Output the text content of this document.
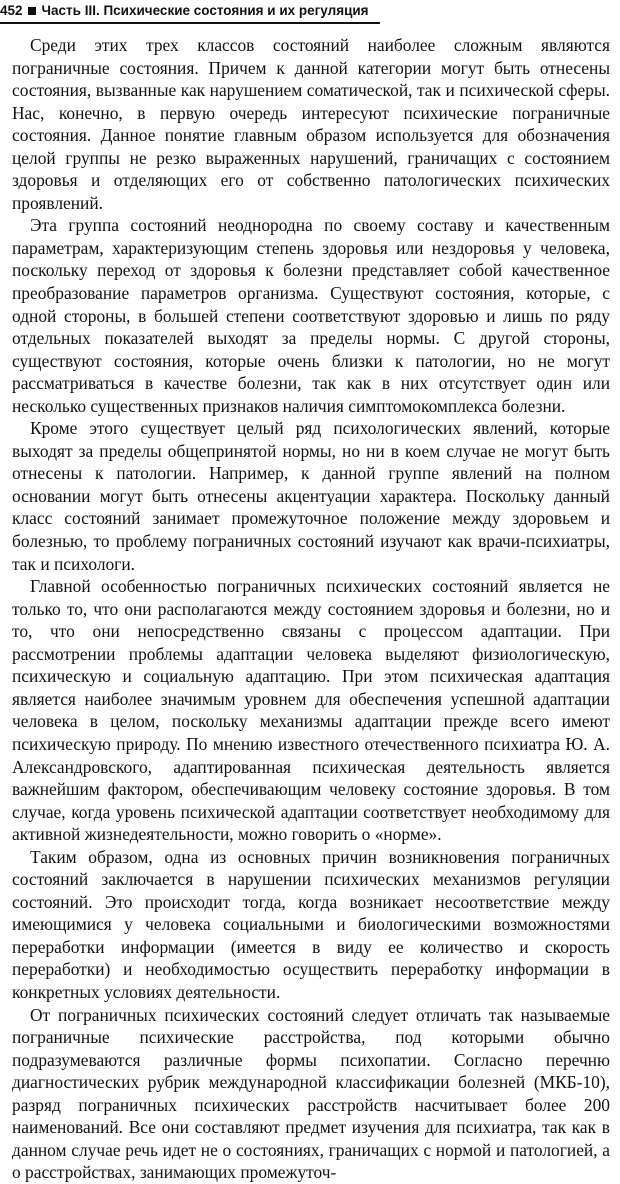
452 Часть III. Психические состояния и их регуляция

Среди этих трех классов состояний наиболее сложным являются пограничные состояния. Причем к данной категории могут быть отнесены состояния, вызванные как нарушением соматической, так и психической сферы. Нас, конечно, в первую очередь интересуют психические пограничные состояния. Данное понятие главным образом используется для обозначения целой группы не резко выраженных нарушений, граничащих с состоянием здоровья и отделяющих его от собственно патологических психических проявлений.

Эта группа состояний неоднородна по своему составу и качественным параметрам, характеризующим степень здоровья или нездоровья у человека, поскольку переход от здоровья к болезни представляет собой качественное преобразование параметров организма. Существуют состояния, которые, с одной стороны, в большей степени соответствуют здоровью и лишь по ряду отдельных показателей выходят за пределы нормы. С другой стороны, существуют состояния, которые очень близки к патологии, но не могут рассматриваться в качестве болезни, так как в них отсутствует один или несколько существенных признаков наличия симптомокомплекса болезни.

Кроме этого существует целый ряд психологических явлений, которые выходят за пределы общепринятой нормы, но ни в коем случае не могут быть отнесены к патологии. Например, к данной группе явлений на полном основании могут быть отнесены акцентуации характера. Поскольку данный класс состояний занимает промежуточное положение между здоровьем и болезнью, то проблему пограничных состояний изучают как врачи-психиатры, так и психологи.

Главной особенностью пограничных психических состояний является не только то, что они располагаются между состоянием здоровья и болезни, но и то, что они непосредственно связаны с процессом адаптации. При рассмотрении проблемы адаптации человека выделяют физиологическую, психическую и социальную адаптацию. При этом психическая адаптация является наиболее значимым уровнем для обеспечения успешной адаптации человека в целом, поскольку механизмы адаптации прежде всего имеют психическую природу. По мнению известного отечественного психиатра Ю. А. Александровского, адаптированная психическая деятельность является важнейшим фактором, обеспечивающим человеку состояние здоровья. В том случае, когда уровень психической адаптации соответствует необходимому для активной жизнедеятельности, можно говорить о «норме».

Таким образом, одна из основных причин возникновения пограничных состояний заключается в нарушении психических механизмов регуляции состояний. Это происходит тогда, когда возникает несоответствие между имеющимися у человека социальными и биологическими возможностями переработки информации (имеется в виду ее количество и скорость переработки) и необходимостью осуществить переработку информации в конкретных условиях деятельности.

От пограничных психических состояний следует отличать так называемые пограничные психические расстройства, под которыми обычно подразумеваются различные формы психопатии. Согласно перечню диагностических рубрик международной классификации болезней (МКБ-10), разряд пограничных психических расстройств насчитывает более 200 наименований. Все они составляют предмет изучения для психиатра, так как в данном случае речь идет не о состояниях, граничащих с нормой и патологией, а о расстройствах, занимающих промежуточ-
